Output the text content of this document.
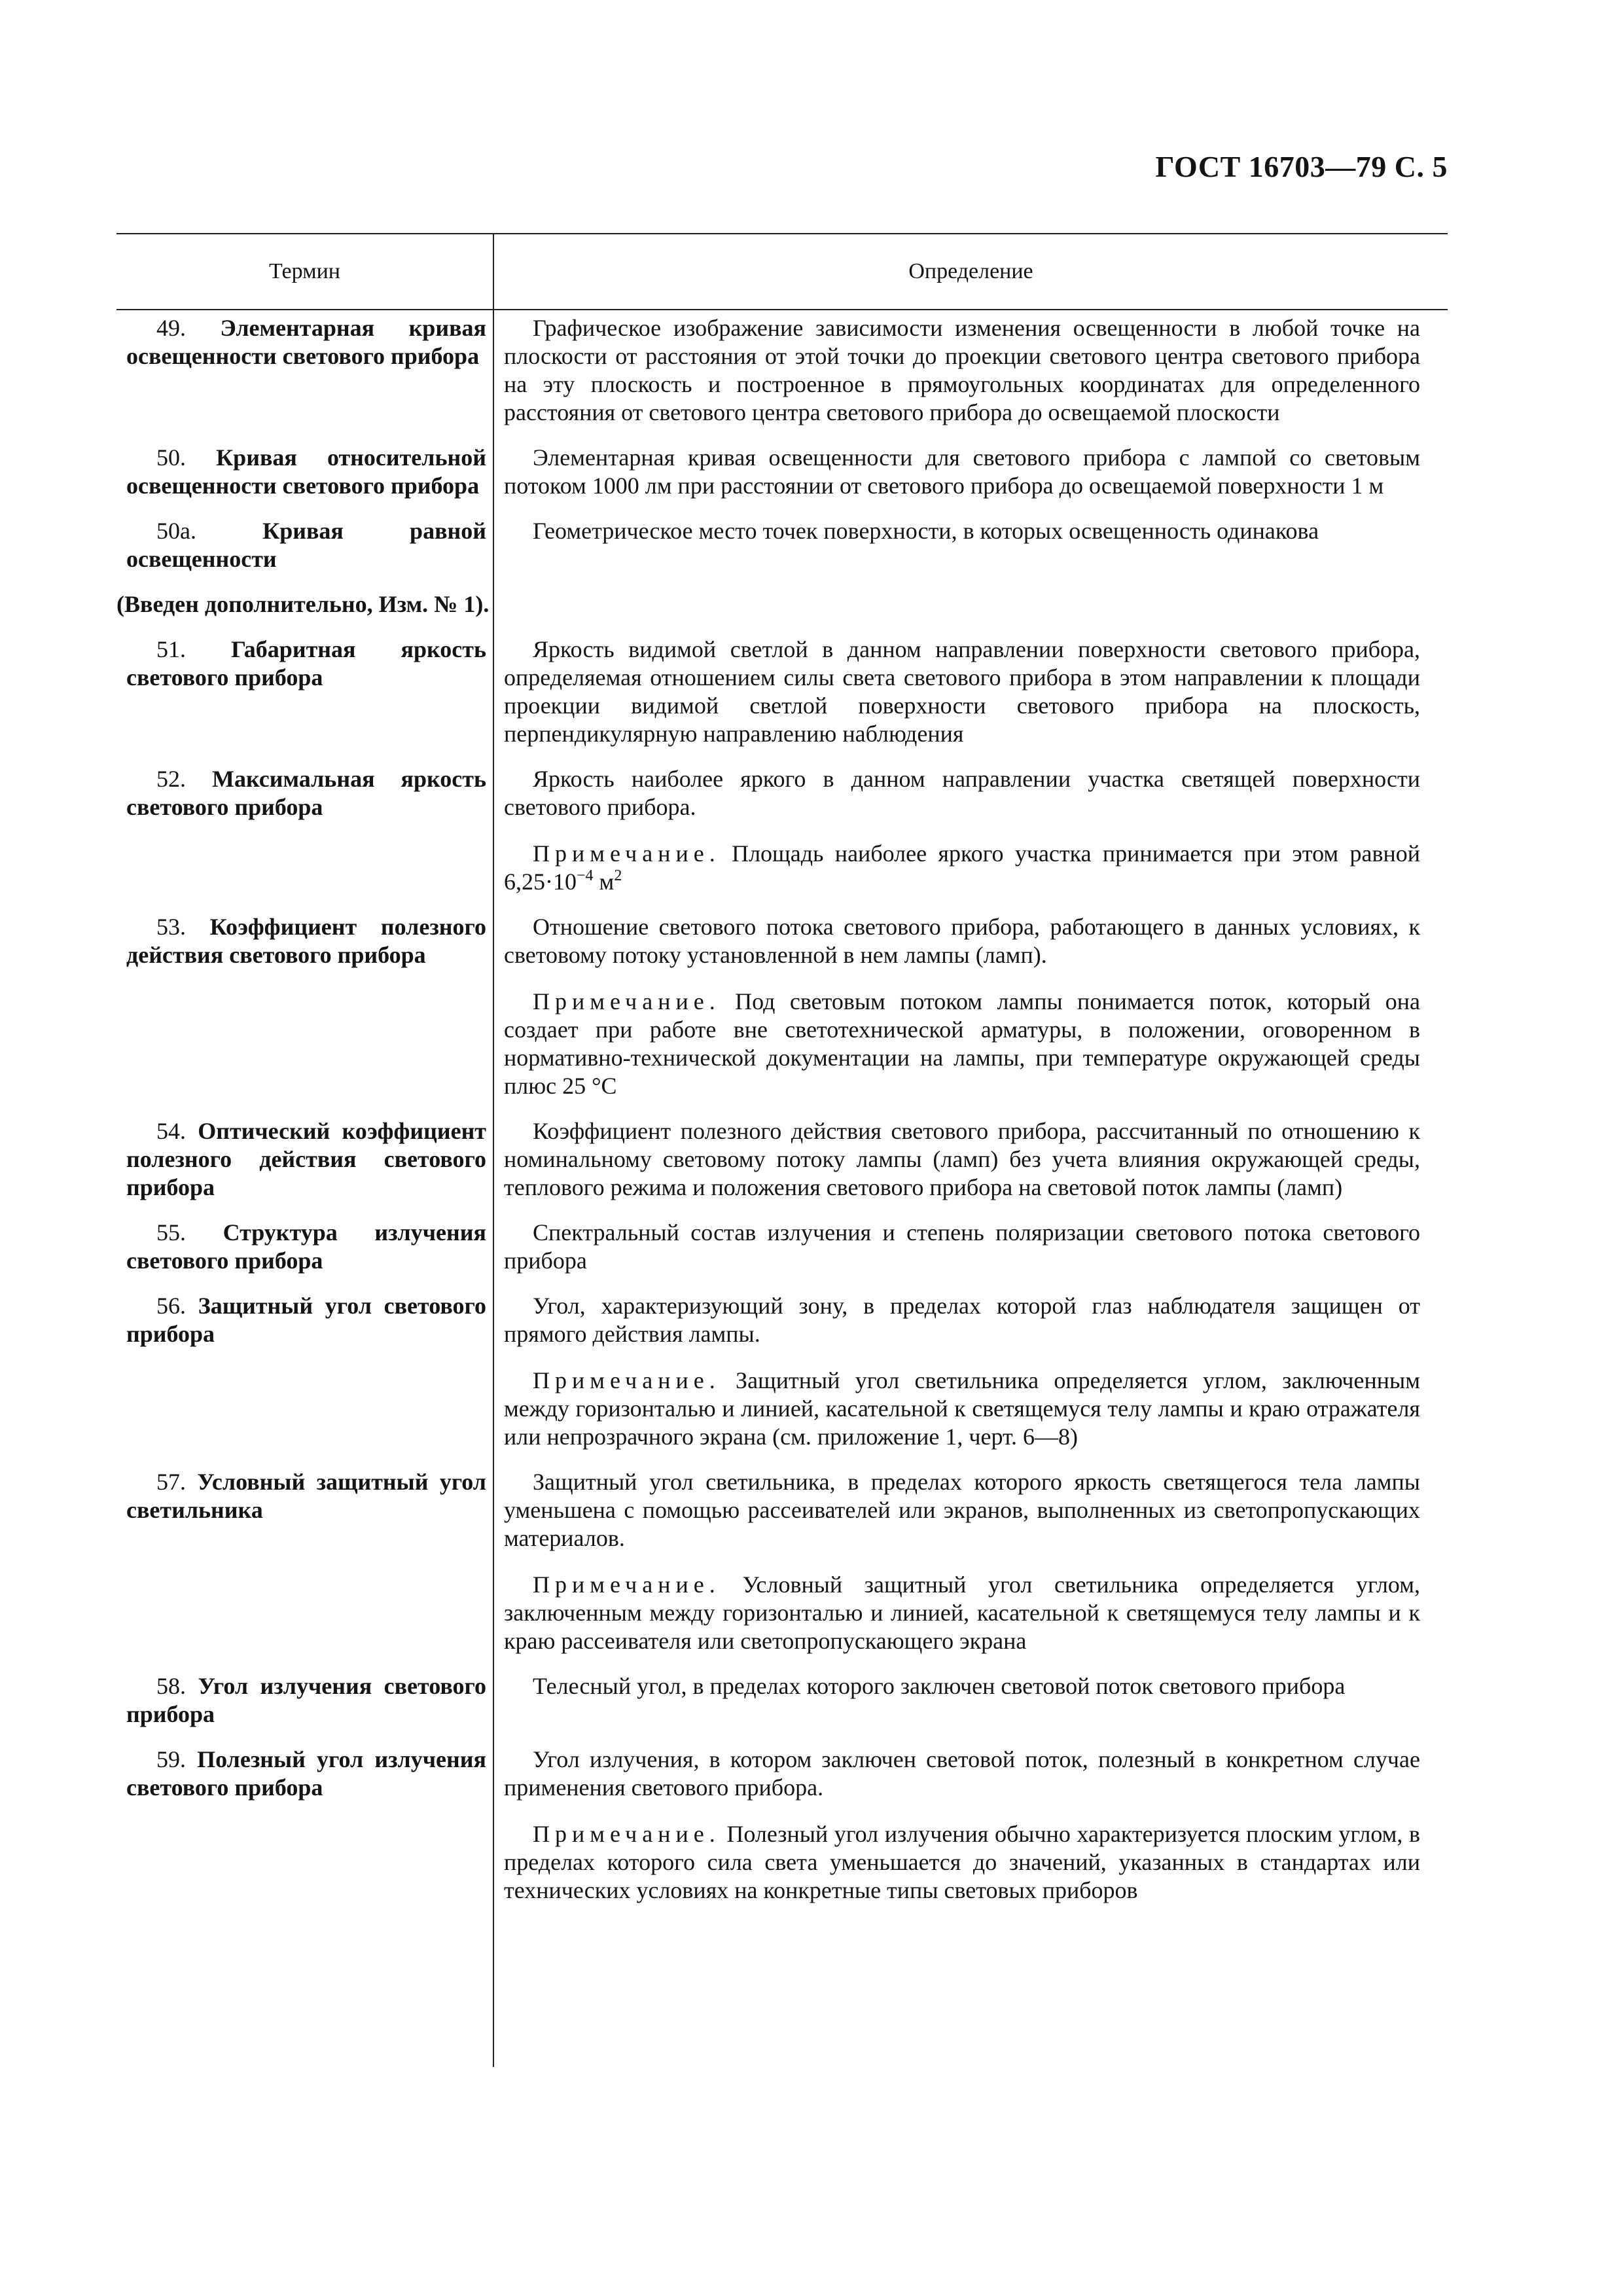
ГОСТ 16703—79 С. 5
Термин	Определение
49. Элементарная кривая освещенности светового прибора
Графическое изображение зависимости изменения освещенности в любой точке на плоскости от расстояния от этой точки до проекции светового центра светового прибора на эту плоскость и построенное в прямоугольных координатах для определенного расстояния от светового центра светового прибора до освещаемой плоскости
50. Кривая относительной освещенности светового прибора
Элементарная кривая освещенности для светового прибора с лампой со световым потоком 1000 лм при расстоянии от светового прибора до освещаемой поверхности 1 м
50а.	Кривая равной освещенности
Геометрическое место точек поверхности, в которых освещенность одинакова
(Введен дополнительно, Изм. № 1).
51. Габаритная яркость светового прибора
Яркость видимой светлой в данном направлении поверхности светового прибора, определяемая отношением силы света светового прибора в этом направлении к площади проекции видимой светлой поверхности светового прибора на плоскость, перпендикулярную направлению наблюдения
52. Максимальная яркость светового прибора
Яркость наиболее яркого в данном направлении участка светящей поверхности светового прибора.
Примечание. Площадь наиболее яркого участка принимается при этом равной $6,25\cdot 10^{-4}$ $м^2$
53. Коэффициент полезного действия светового прибора
Отношение светового потока светового прибора, работающего в данных условиях, к световому потоку установленной в нем лампы (ламп).
Примечание. Под световым потоком лампы понимается поток, который она создает при работе вне светотехнической арматуры, в положении, оговоренном в нормативно-технической документации на лампы, при температуре окружающей среды плюс 25 °С
54. Оптический коэффициент полезного действия светового прибора
Коэффициент полезного действия светового прибора, рассчитанный по отношению к номинальному световому потоку лампы (ламп) без учета влияния окружающей среды, теплового режима и положения светового прибора на световой поток лампы (ламп)
55. Структура излучения светового прибора
Спектральный состав излучения и степень поляризации светового потока светового прибора
56. Защитный угол светового прибора
Угол, характеризующий зону, в пределах которой глаз наблюдателя защищен от прямого действия лампы.
Примечание. Защитный угол светильника определяется углом, заключенным между горизонталью и линией, касательной к светящемуся телу лампы и краю отражателя или непрозрачного экрана (см. приложение 1, черт. 6—8)
57. Условный защитный угол светильника
Защитный угол светильника, в пределах которого яркость светящегося тела лампы уменьшена с помощью рассеивателей или экранов, выполненных из светопропускающих материалов.
Примечание. Условный защитный угол светильника определяется углом, заключенным между горизонталью и линией, касательной к светящемуся телу лампы и к краю рассеивателя или светопропускающего экрана
58. Угол излучения светового прибора
Телесный угол, в пределах которого заключен световой поток светового прибора
59. Полезный угол излучения светового прибора
Угол излучения, в котором заключен световой поток, полезный в конкретном случае применения светового прибора.
Примечание. Полезный угол излучения обычно характеризуется плоским углом, в пределах которого сила света уменьшается до значений, указанных в стандартах или технических условиях на конкретные типы световых приборов
